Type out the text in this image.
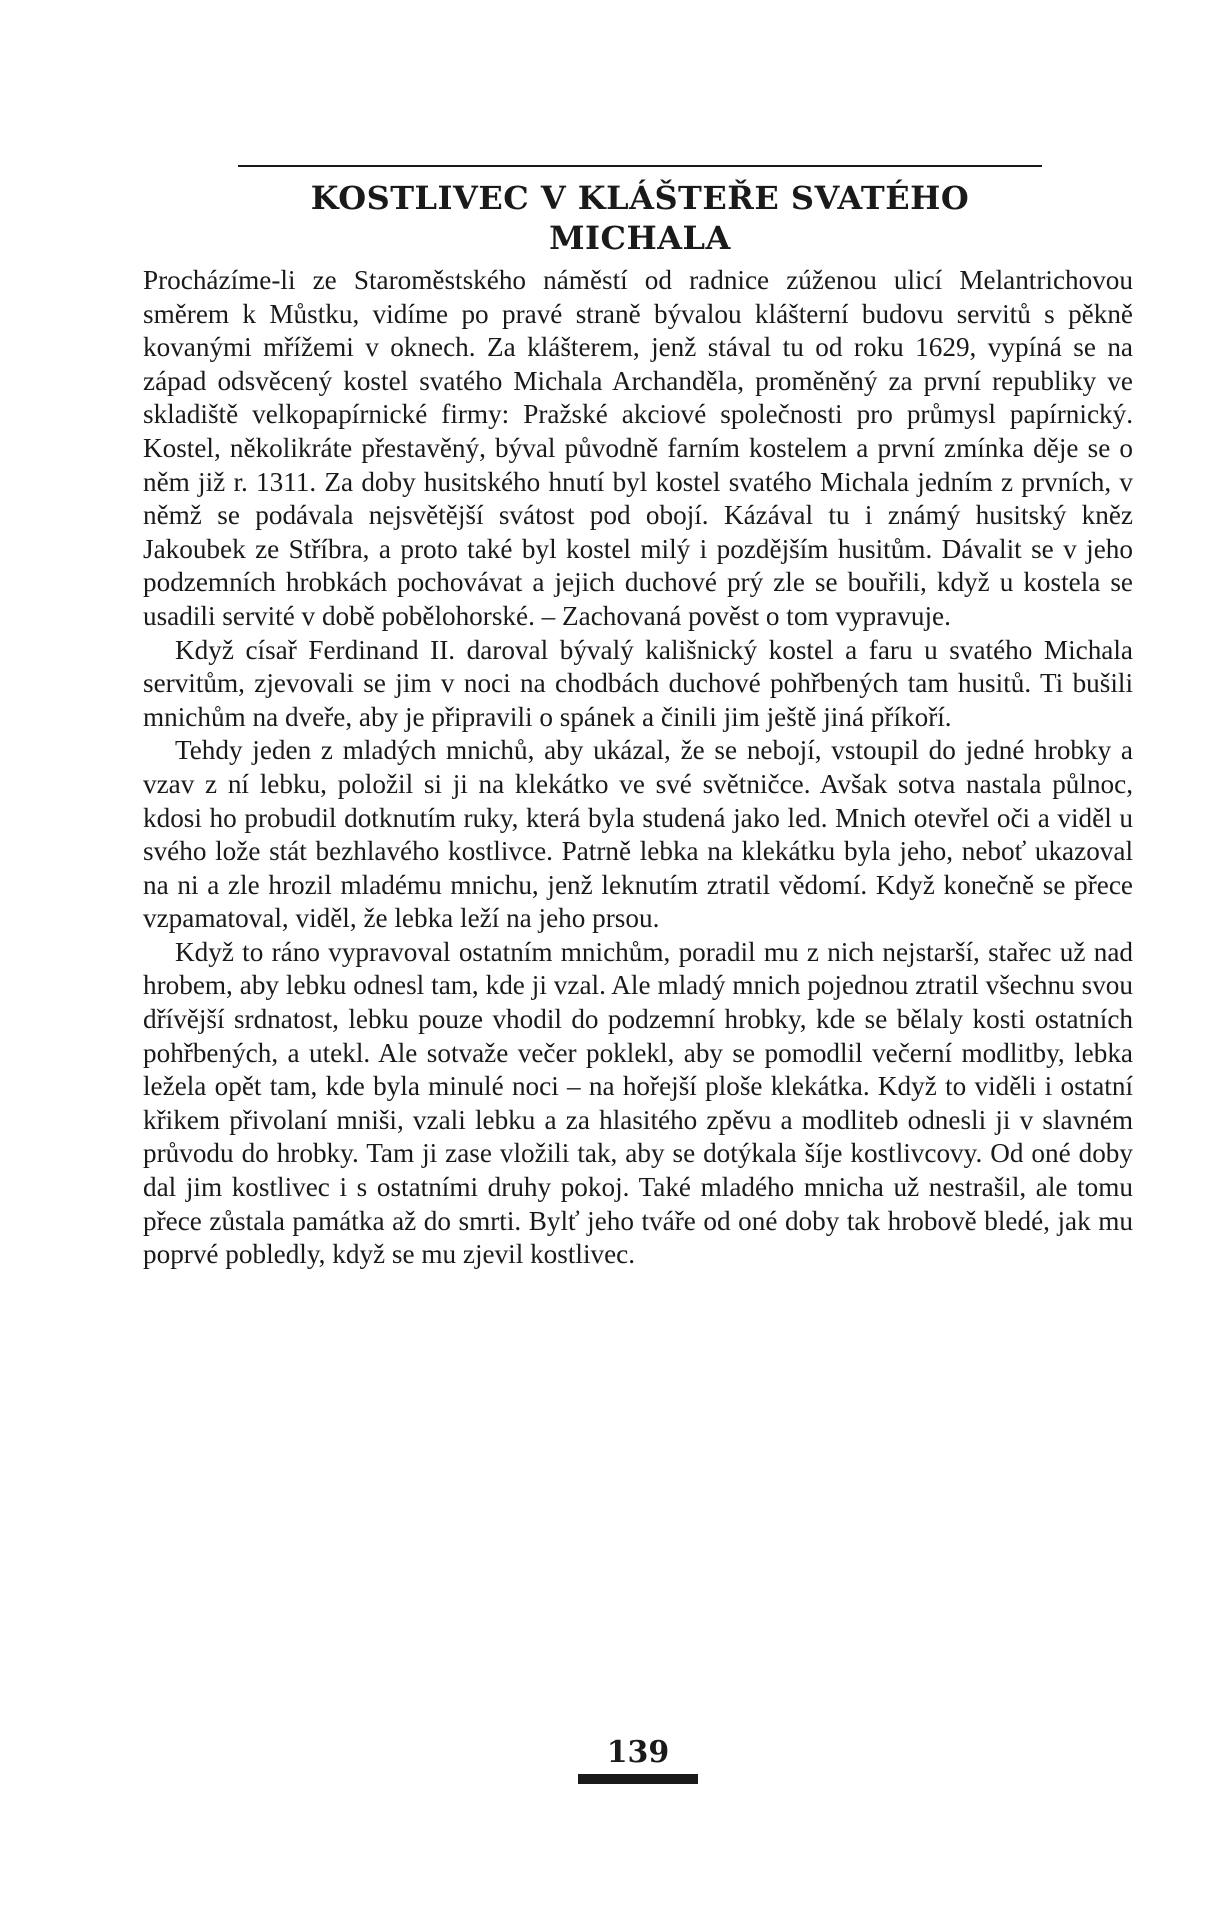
KOSTLIVEC V KLÁŠTEŘE SVATÉHO MICHALA

Procházíme-li ze Staroměstského náměstí od radnice zúženou ulicí Melantrichovou směrem k Můstku, vidíme po pravé straně bývalou klášterní budovu servitů s pěkně kovanými mřížemi v oknech. Za klášterem, jenž stával tu od roku 1629, vypíná se na západ odsvěcený kostel svatého Michala Archanděla, proměněný za první republiky ve skladiště velkopapírnické firmy: Pražské akciové společnosti pro průmysl papírnický. Kostel, několikráte přestavěný, býval původně farním kostelem a první zmínka děje se o něm již r. 1311. Za doby husitského hnutí byl kostel svatého Michala jedním z prvních, v němž se podávala nejsvětější svátost pod obojí. Kázával tu i známý husitský kněz Jakoubek ze Stříbra, a proto také byl kostel milý i pozdějším husitům. Dávalit se v jeho podzemních hrobkách pochovávat a jejich duchové prý zle se bouřili, když u kostela se usadili servité v době pobělohorské. – Zachovaná pověst o tom vypravuje.

Když císař Ferdinand II. daroval bývalý kališnický kostel a faru u svatého Michala servitům, zjevovali se jim v noci na chodbách duchové pohřbených tam husitů. Ti bušili mnichům na dveře, aby je připravili o spánek a činili jim ještě jiná příkoří.

Tehdy jeden z mladých mnichů, aby ukázal, že se nebojí, vstoupil do jedné hrobky a vzav z ní lebku, položil si ji na klekátko ve své světničce. Avšak sotva nastala půlnoc, kdosi ho probudil dotknutím ruky, která byla studená jako led. Mnich otevřel oči a viděl u svého lože stát bezhlavého kostlivce. Patrně lebka na klekátku byla jeho, neboť ukazoval na ni a zle hrozil mladému mnichu, jenž leknutím ztratil vědomí. Když konečně se přece vzpamatoval, viděl, že lebka leží na jeho prsou.

Když to ráno vypravoval ostatním mnichům, poradil mu z nich nejstarší, stařec už nad hrobem, aby lebku odnesl tam, kde ji vzal. Ale mladý mnich pojednou ztratil všechnu svou dřívější srdnatost, lebku pouze vhodil do podzemní hrobky, kde se bělaly kosti ostatních pohřbených, a utekl. Ale sotvaže večer poklekl, aby se pomodlil večerní modlitby, lebka ležela opět tam, kde byla minulé noci – na hořejší ploše klekátka. Když to viděli i ostatní křikem přivolaní mniši, vzali lebku a za hlasitého zpěvu a modliteb odnesli ji v slavném průvodu do hrobky. Tam ji zase vložili tak, aby se dotýkala šíje kostlivcovy. Od oné doby dal jim kostlivec i s ostatními druhy pokoj. Také mladého mnicha už nestrašil, ale tomu přece zůstala památka až do smrti. Bylť jeho tváře od oné doby tak hrobově bledé, jak mu poprvé pobledly, když se mu zjevil kostlivec.

139
